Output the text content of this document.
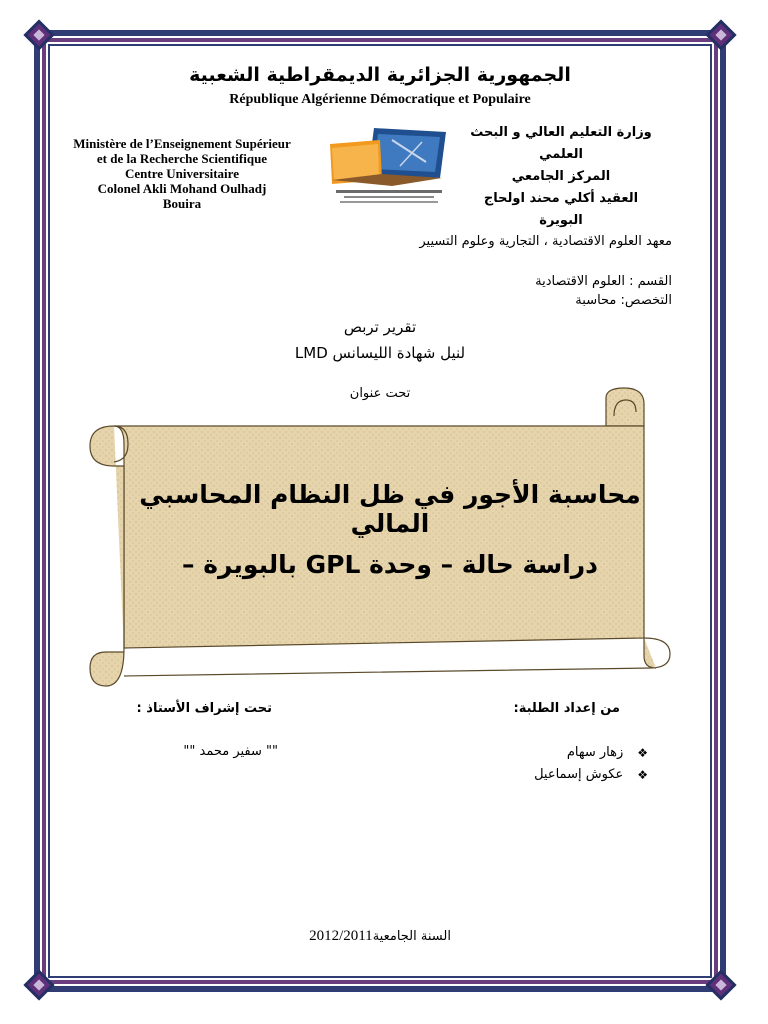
الجمهورية الجزائرية الديمقراطية الشعبية
République Algérienne Démocratique et Populaire
Ministère de l’Enseignement Supérieur
et de la Recherche Scientifique
Centre Universitaire
Colonel Akli Mohand Oulhadj
Bouira
وزارة التعليم العالي و البحث
العلمي
المركز الجامعي
العقيد أكلي محند اولحاج
البويرة
معهد العلوم الاقتصادية ، التجارية وعلوم التسيير
القسم : العلوم الاقتصادية
التخصص: محاسبة
تقرير تربص
لنيل شهادة الليسانس LMD
تحت عنوان
محاسبة الأجور في ظل النظام المحاسبي المالي
دراسة حالة – وحدة GPL بالبويرة –
من إعداد الطلبة:
تحت إشراف الأستاذ :
❖
زهار سهام
❖
عكوش إسماعيل
"" سفير محمد ""
السنة الجامعية2012/2011
